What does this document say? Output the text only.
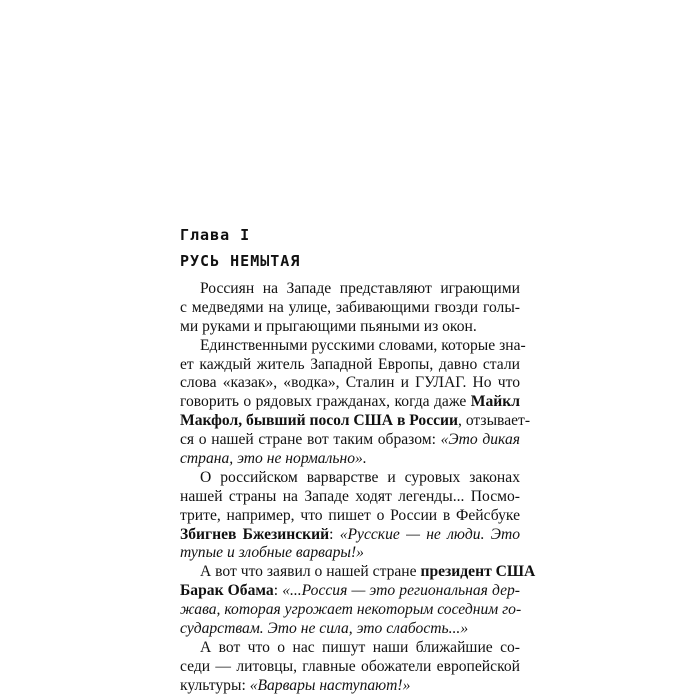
Глава I
РУСЬ НЕМЫТАЯ
Россиян на Западе представляют играющими
с медведями на улице, забивающими гвозди голы-
ми руками и прыгающими пьяными из окон.
Единственными русскими словами, которые зна-
ет каждый житель Западной Европы, давно стали
слова «казак», «водка», Сталин и ГУЛАГ. Но что
говорить о рядовых гражданах, когда даже Майкл
Макфол, бывший посол США в России, отзывает-
ся о нашей стране вот таким образом: «Это дикая
страна, это не нормально».
О российском варварстве и суровых законах
нашей страны на Западе ходят легенды... Посмо-
трите, например, что пишет о России в Фейсбуке
Збигнев Бжезинский: «Русские — не люди. Это
тупые и злобные варвары!»
А вот что заявил о нашей стране президент США
Барак Обама: «...Россия — это региональная дер-
жава, которая угрожает некоторым соседним го-
сударствам. Это не сила, это слабость...»
А вот что о нас пишут наши ближайшие со-
седи — литовцы, главные обожатели европейской
культуры: «Варвары наступают!»
